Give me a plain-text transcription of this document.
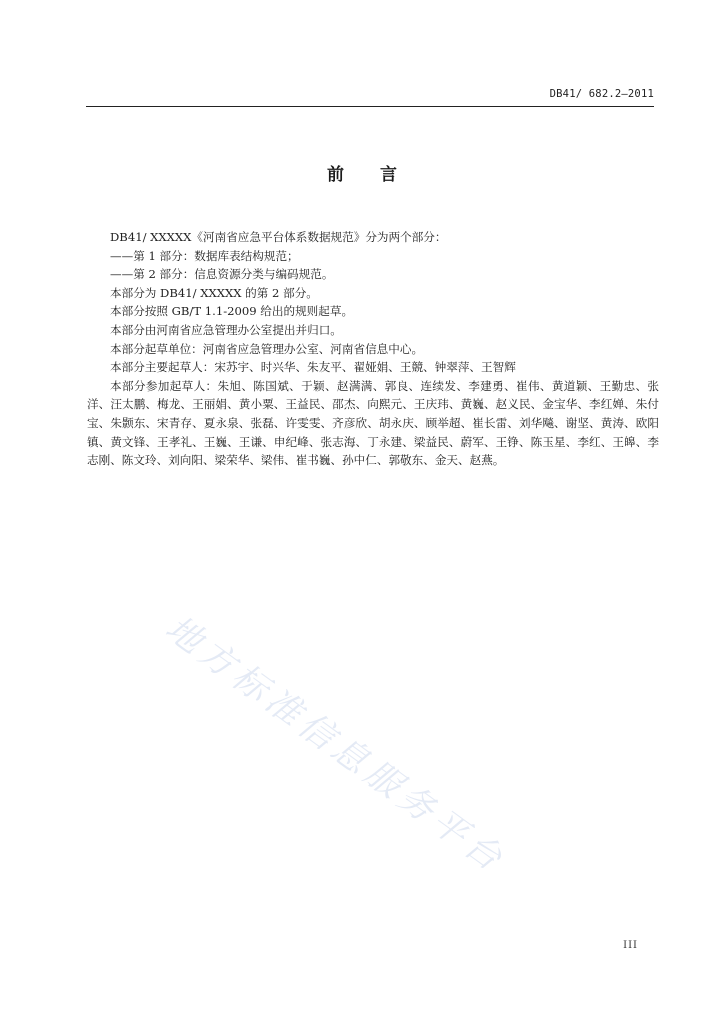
DB41/ 682.2—2011
前言

DB41/ XXXXX《河南省应急平台体系数据规范》分为两个部分：

——第 1 部分：数据库表结构规范；

——第 2 部分：信息资源分类与编码规范。

本部分为 DB41/ XXXXX 的第 2 部分。

本部分按照 GB/T 1.1-2009 给出的规则起草。

本部分由河南省应急管理办公室提出并归口。

本部分起草单位：河南省应急管理办公室、河南省信息中心。

本部分主要起草人：宋苏宇、时兴华、朱友平、翟娅娟、王競、钟翠萍、王智辉

本部分参加起草人：朱旭、陈国斌、于颖、赵满满、郭良、连续发、李建勇、崔伟、黄道颖、王勤忠、张洋、汪太鹏、梅龙、王丽娟、黄小粟、王益民、邵杰、向熙元、王庆玮、黄巍、赵义民、金宝华、李红婵、朱付宝、朱颢东、宋青存、夏永泉、张磊、许雯雯、齐彦欣、胡永庆、顾举超、崔长雷、刘华飚、谢坚、黄涛、欧阳镇、黄文锋、王孝礼、王巍、王谦、申纪峰、张志海、丁永建、梁益民、蔚军、王铮、陈玉星、李红、王皞、李志刚、陈文玲、刘向阳、梁荣华、梁伟、崔书巍、孙中仁、郭敬东、金天、赵燕。

地方标准信息服务平台
III
